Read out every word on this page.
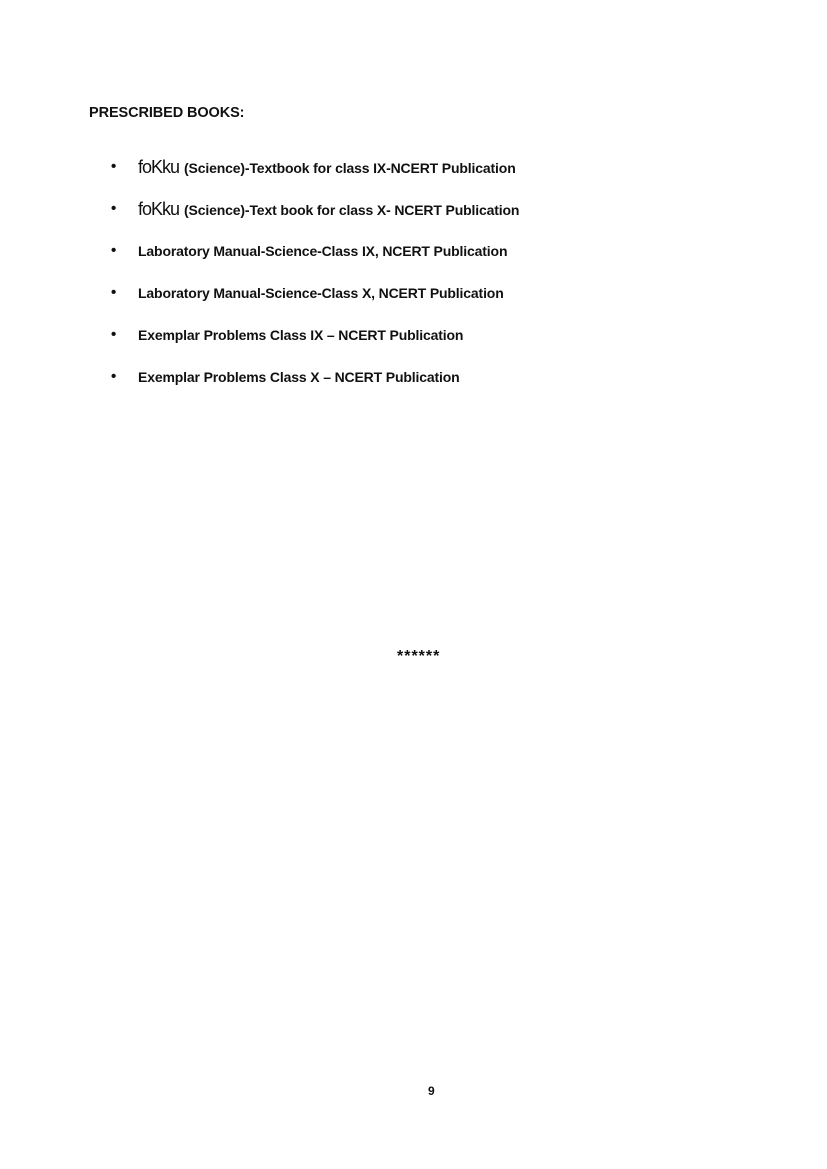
PRESCRIBED BOOKS:
• foKku (Science)-Textbook for class IX-NCERT Publication
• foKku (Science)-Text book for class X- NCERT Publication
•	Laboratory Manual-Science-Class IX, NCERT Publication
•	Laboratory Manual-Science-Class X, NCERT Publication
•	Exemplar Problems Class IX – NCERT Publication
•	Exemplar Problems Class X – NCERT Publication

******

9
